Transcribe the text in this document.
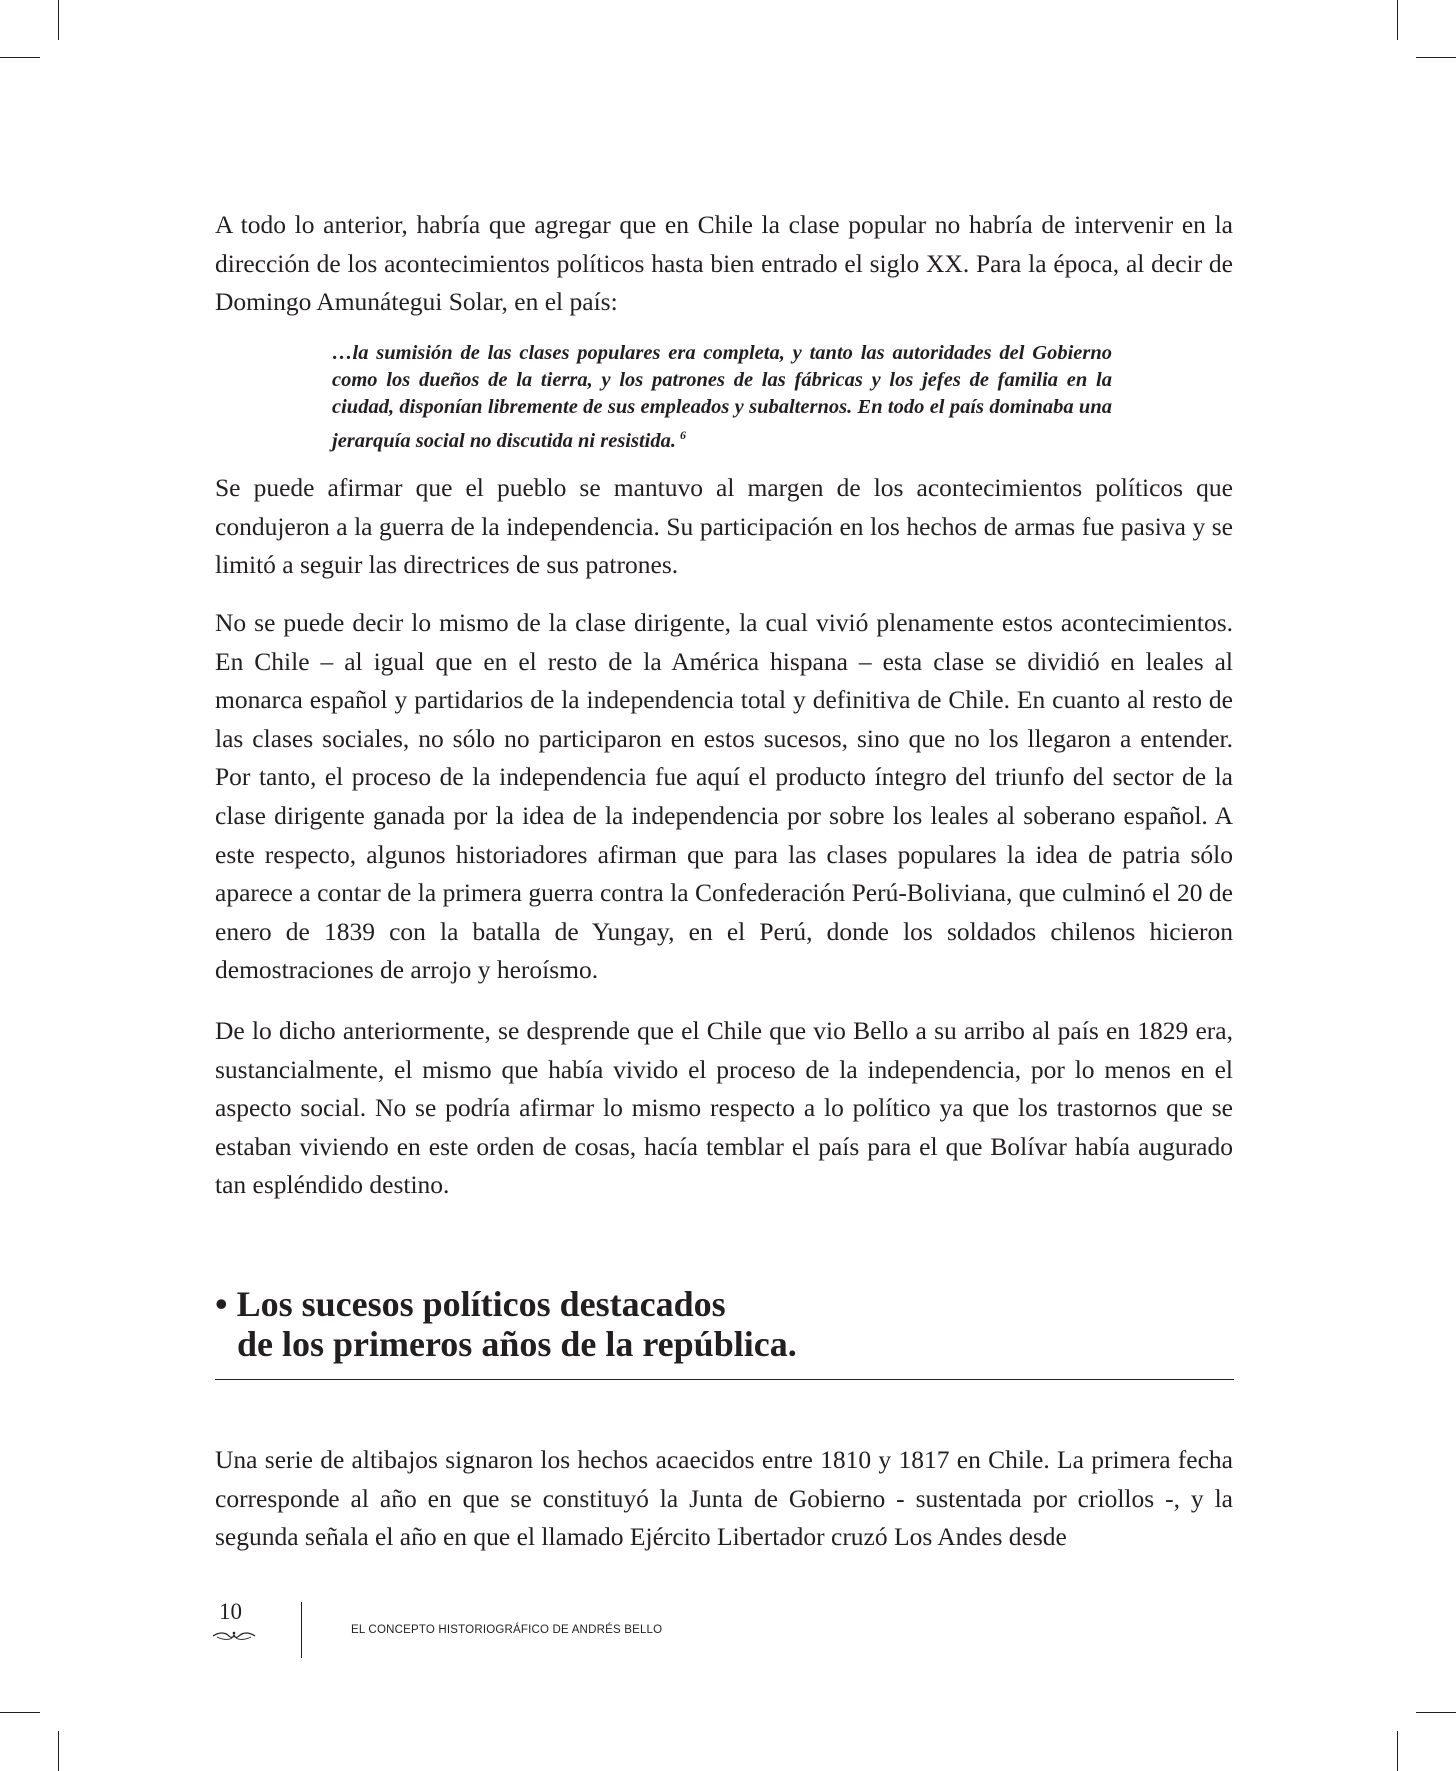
A todo lo anterior, habría que agregar que en Chile la clase popular no habría de intervenir en la dirección de los acontecimientos políticos hasta bien entrado el siglo XX. Para la época, al decir de Domingo Amunátegui Solar, en el país:

…la sumisión de las clases populares era completa, y tanto las autoridades del Gobierno como los dueños de la tierra, y los patrones de las fábricas y los jefes de familia en la ciudad, disponían libremente de sus empleados y subalternos. En todo el país dominaba una jerarquía social no discutida ni resistida. $^6$

Se puede afirmar que el pueblo se mantuvo al margen de los acontecimientos políticos que condujeron a la guerra de la independencia. Su participación en los hechos de armas fue pasiva y se limitó a seguir las directrices de sus patrones.

No se puede decir lo mismo de la clase dirigente, la cual vivió plenamente estos acontecimientos. En Chile – al igual que en el resto de la América hispana – esta clase se dividió en leales al monarca español y partidarios de la independencia total y definitiva de Chile. En cuanto al resto de las clases sociales, no sólo no participaron en estos sucesos, sino que no los llegaron a entender. Por tanto, el proceso de la independencia fue aquí el producto íntegro del triunfo del sector de la clase dirigente ganada por la idea de la independencia por sobre los leales al soberano español. A este respecto, algunos historiadores afirman que para las clases populares la idea de patria sólo aparece a contar de la primera guerra contra la Confederación Perú-Boliviana, que culminó el 20 de enero de 1839 con la batalla de Yungay, en el Perú, donde los soldados chilenos hicieron demostraciones de arrojo y heroísmo.

De lo dicho anteriormente, se desprende que el Chile que vio Bello a su arribo al país en 1829 era, sustancialmente, el mismo que había vivido el proceso de la independencia, por lo menos en el aspecto social. No se podría afirmar lo mismo respecto a lo político ya que los trastornos que se estaban viviendo en este orden de cosas, hacía temblar el país para el que Bolívar había augurado tan espléndido destino.

• Los sucesos políticos destacados
de los primeros años de la república.

Una serie de altibajos signaron los hechos acaecidos entre 1810 y 1817 en Chile. La primera fecha corresponde al año en que se constituyó la Junta de Gobierno - sustentada por criollos -, y la segunda señala el año en que el llamado Ejército Libertador cruzó Los Andes desde

10
EL CONCEPTO HISTORIOGRÁFICO DE ANDRÉS BELLO
